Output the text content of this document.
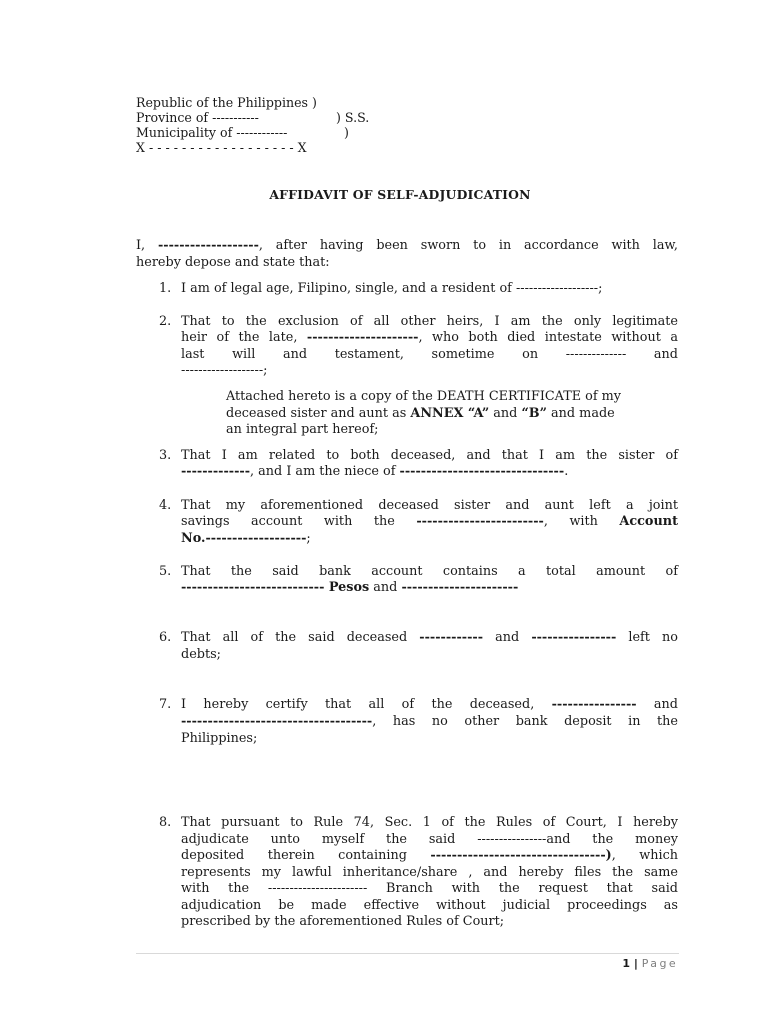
Republic of the Philippines )
Province of -----------	) S.S.
Municipality of ------------	)
X - - - - - - - - - - - - - - - - - - X
AFFIDAVIT OF SELF-ADJUDICATION
I, -------------------, after having been sworn to in accordance with law,
hereby depose and state that:
1. I am of legal age, Filipino, single, and a resident of -------------------;
2. That to the exclusion of all other heirs, I am the only legitimate
heir of the late, ---------------------, who both died intestate without a
last will and testament, sometime on -------------- and
-------------------;
Attached hereto is a copy of the DEATH CERTIFICATE of my
deceased sister and aunt as ANNEX “A” and “B” and made
an integral part hereof;
3. That I am related to both deceased, and that I am the sister of
-------------, and I am the niece of -------------------------------.
4. That my aforementioned deceased sister and aunt left a joint
savings account with the ------------------------, with Account
No.-------------------;
5. That the said bank account contains a total amount of
--------------------------- Pesos and ----------------------
6. That all of the said deceased ------------ and ---------------- left no
debts;
7. I hereby certify that all of the deceased, ---------------- and
------------------------------------, has no other bank deposit in the
Philippines;
8. That pursuant to Rule 74, Sec. 1 of the Rules of Court, I hereby
adjudicate unto myself the said ----------------and the money
deposited therein containing ---------------------------------), which
represents my lawful inheritance/share , and hereby files the same
with the ----------------------- Branch with the request that said
adjudication be made effective without judicial proceedings as
prescribed by the aforementioned Rules of Court;
1 | Page
